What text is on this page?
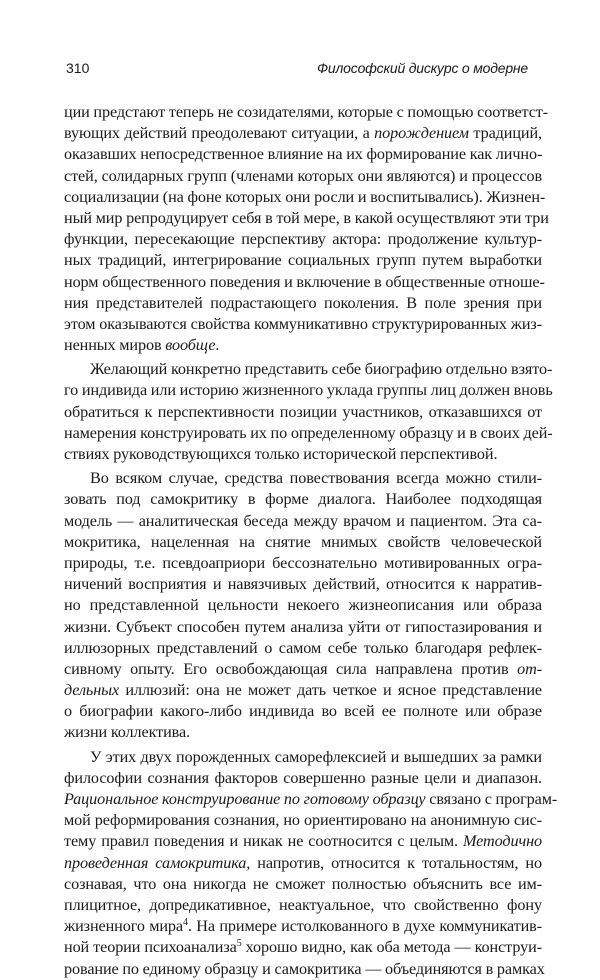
310	Философский дискурс о модерне
ции предстают теперь не созидателями, которые с помощью соответст-
вующих действий преодолевают ситуации, а порождением традиций,
оказавших непосредственное влияние на их формирование как лично-
стей, солидарных групп (членами которых они являются) и процессов
социализации (на фоне которых они росли и воспитывались). Жизнен-
ный мир репродуцирует себя в той мере, в какой осуществляют эти три
функции, пересекающие перспективу актора: продолжение культур-
ных традиций, интегрирование социальных групп путем выработки
норм общественного поведения и включение в общественные отноше-
ния представителей подрастающего поколения. В поле зрения при
этом оказываются свойства коммуникативно структурированных жиз-
ненных миров вообще.
Желающий конкретно представить себе биографию отдельно взято-
го индивида или историю жизненного уклада группы лиц должен вновь
обратиться к перспективности позиции участников, отказавшихся от
намерения конструировать их по определенному образцу и в своих дей-
ствиях руководствующихся только исторической перспективой.
Во всяком случае, средства повествования всегда можно стили-
зовать под самокритику в форме диалога. Наиболее подходящая
модель — аналитическая беседа между врачом и пациентом. Эта са-
мокритика, нацеленная на снятие мнимых свойств человеческой
природы, т.е. псевдоаприори бессознательно мотивированных огра-
ничений восприятия и навязчивых действий, относится к нарратив-
но представленной цельности некоего жизнеописания или образа
жизни. Субъект способен путем анализа уйти от гипостазирования и
иллюзорных представлений о самом себе только благодаря рефлек-
сивному опыту. Его освобождающая сила направлена против от-
дельных иллюзий: она не может дать четкое и ясное представление
о биографии какого-либо индивида во всей ее полноте или образе
жизни коллектива.
У этих двух порожденных саморефлексией и вышедших за рамки
философии сознания факторов совершенно разные цели и диапазон.
Рациональное конструирование по готовому образцу связано с програм-
мой реформирования сознания, но ориентировано на анонимную сис-
тему правил поведения и никак не соотносится с целым. Методично
проведенная самокритика, напротив, относится к тотальностям, но
сознавая, что она никогда не сможет полностью объяснить все им-
плицитное, допредикативное, неактуальное, что свойственно фону
жизненного мира$^4$. На примере истолкованного в духе коммуникатив-
ной теории психоанализа$^5$ хорошо видно, как оба метода — конструи-
рование по единому образцу и самокритика — объединяются в рамках
